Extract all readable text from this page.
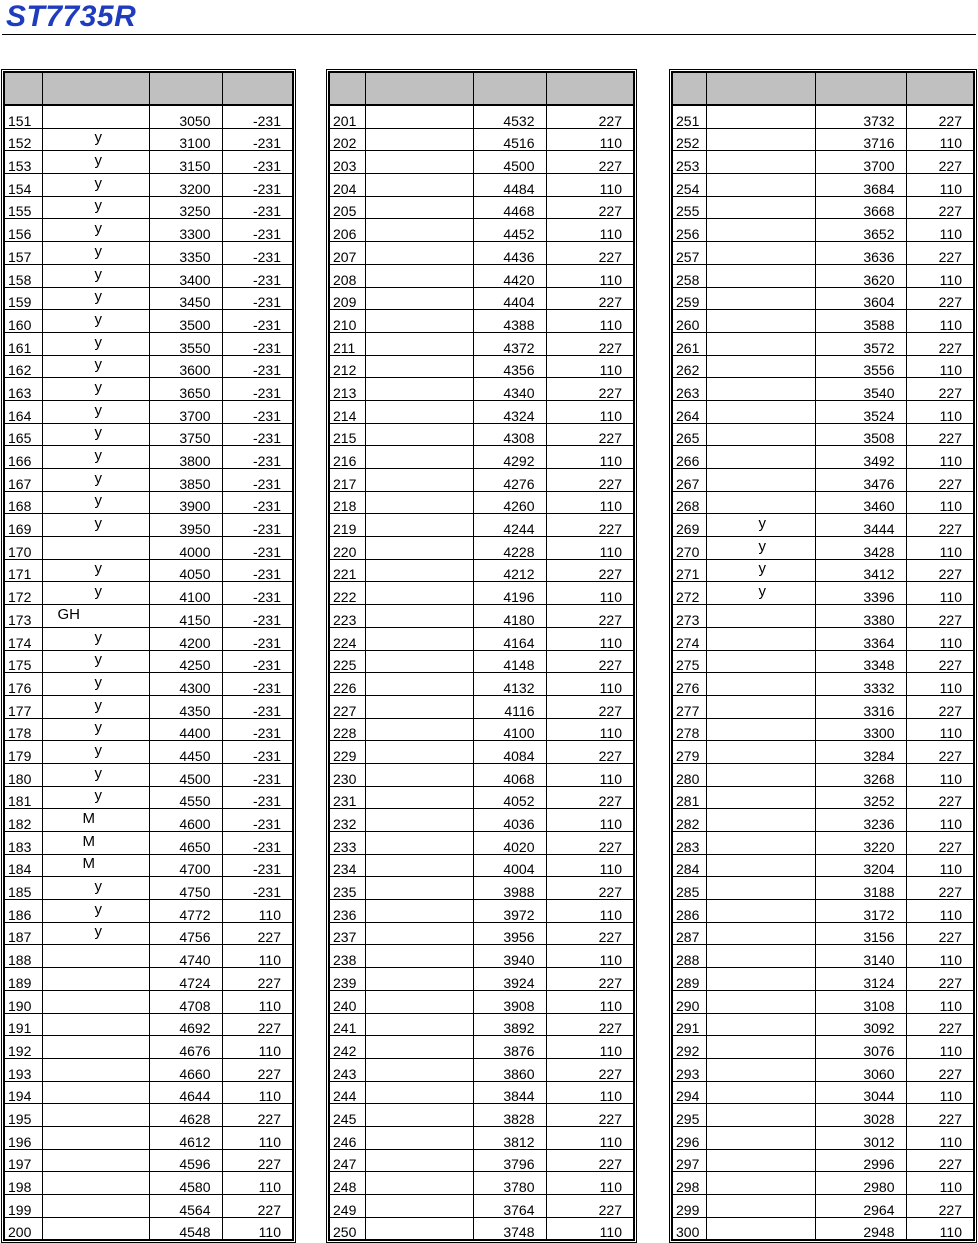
ST7735R

151		3050	-231
152	y	3100	-231
153	y	3150	-231
154	y	3200	-231
155	y	3250	-231
156	y	3300	-231
157	y	3350	-231
158	y	3400	-231
159	y	3450	-231
160	y	3500	-231
161	y	3550	-231
162	y	3600	-231
163	y	3650	-231
164	y	3700	-231
165	y	3750	-231
166	y	3800	-231
167	y	3850	-231
168	y	3900	-231
169	y	3950	-231
170		4000	-231
171	y	4050	-231
172	y	4100	-231
173	GH	4150	-231
174	y	4200	-231
175	y	4250	-231
176	y	4300	-231
177	y	4350	-231
178	y	4400	-231
179	y	4450	-231
180	y	4500	-231
181	y	4550	-231
182	M	4600	-231
183	M	4650	-231
184	M	4700	-231
185	y	4750	-231
186	y	4772	110
187	y	4756	227
188		4740	110
189		4724	227
190		4708	110
191		4692	227
192		4676	110
193		4660	227
194		4644	110
195		4628	227
196		4612	110
197		4596	227
198		4580	110
199		4564	227
200		4548	110

201		4532	227
202		4516	110
203		4500	227
204		4484	110
205		4468	227
206		4452	110
207		4436	227
208		4420	110
209		4404	227
210		4388	110
211		4372	227
212		4356	110
213		4340	227
214		4324	110
215		4308	227
216		4292	110
217		4276	227
218		4260	110
219		4244	227
220		4228	110
221		4212	227
222		4196	110
223		4180	227
224		4164	110
225		4148	227
226		4132	110
227		4116	227
228		4100	110
229		4084	227
230		4068	110
231		4052	227
232		4036	110
233		4020	227
234		4004	110
235		3988	227
236		3972	110
237		3956	227
238		3940	110
239		3924	227
240		3908	110
241		3892	227
242		3876	110
243		3860	227
244		3844	110
245		3828	227
246		3812	110
247		3796	227
248		3780	110
249		3764	227
250		3748	110

251		3732	227
252		3716	110
253		3700	227
254		3684	110
255		3668	227
256		3652	110
257		3636	227
258		3620	110
259		3604	227
260		3588	110
261		3572	227
262		3556	110
263		3540	227
264		3524	110
265		3508	227
266		3492	110
267		3476	227
268		3460	110
269	y	3444	227
270	y	3428	110
271	y	3412	227
272	y	3396	110
273		3380	227
274		3364	110
275		3348	227
276		3332	110
277		3316	227
278		3300	110
279		3284	227
280		3268	110
281		3252	227
282		3236	110
283		3220	227
284		3204	110
285		3188	227
286		3172	110
287		3156	227
288		3140	110
289		3124	227
290		3108	110
291		3092	227
292		3076	110
293		3060	227
294		3044	110
295		3028	227
296		3012	110
297		2996	227
298		2980	110
299		2964	227
300		2948	110
